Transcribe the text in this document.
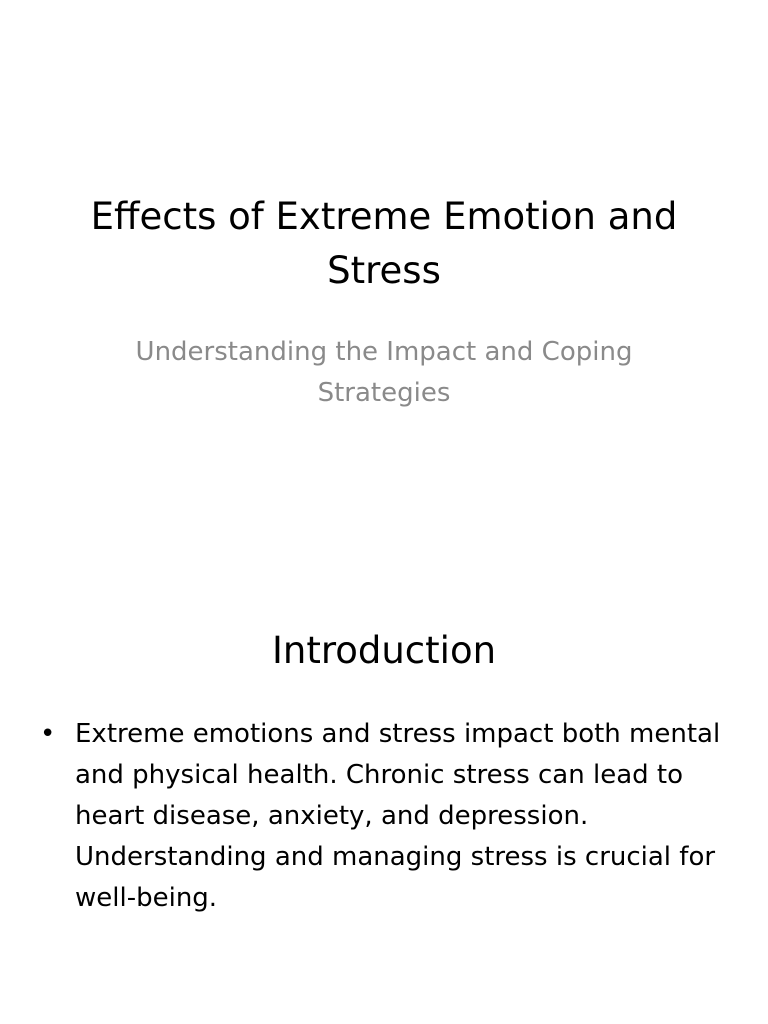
Effects of Extreme Emotion and Stress

Understanding the Impact and Coping Strategies

Introduction
• Extreme emotions and stress impact both mental and physical health. Chronic stress can lead to heart disease, anxiety, and depression. Understanding and managing stress is crucial for well-being.
